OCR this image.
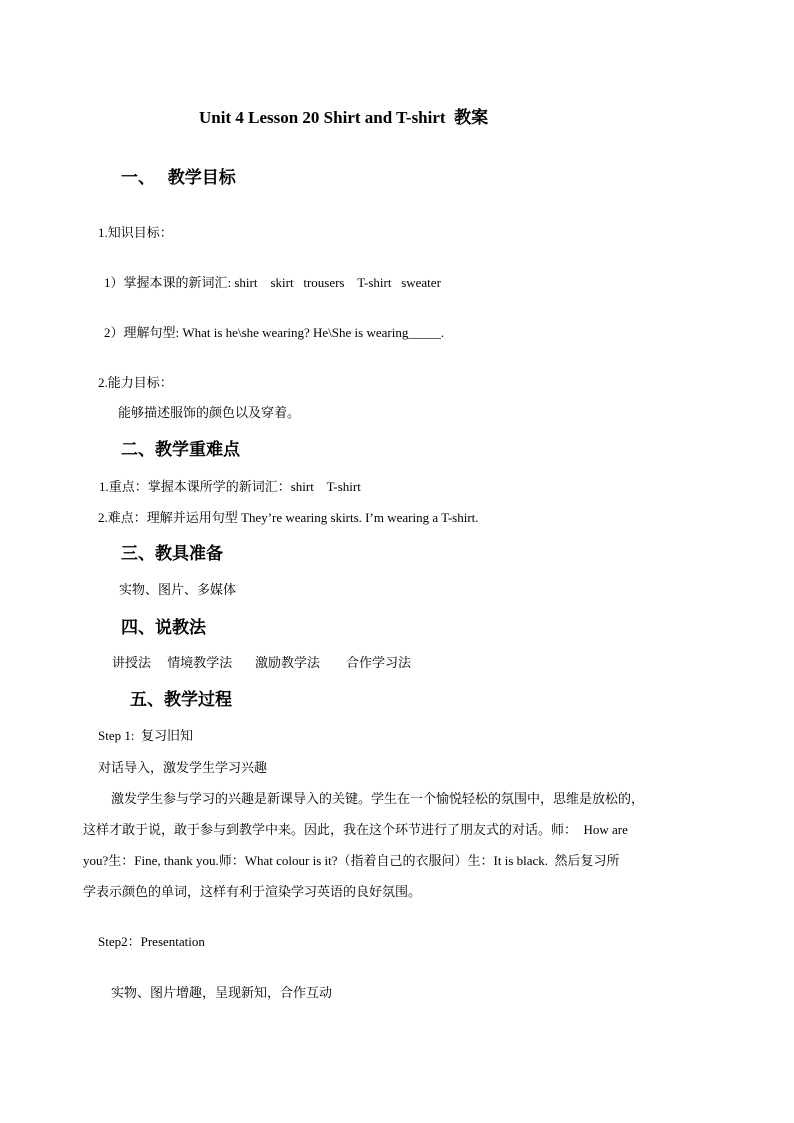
Unit 4 Lesson 20 Shirt and T-shirt  教案
一、   教学目标
1.知识目标：
1）掌握本课的新词汇: shirt    skirt   trousers    T-shirt   sweater
2）理解句型: What is he\she wearing? He\She is wearing_____.
2.能力目标：
能够描述服饰的颜色以及穿着。
二、教学重难点
1.重点：掌握本课所学的新词汇：shirt    T-shirt
2.难点：理解并运用句型 They’re wearing skirts. I’m wearing a T-shirt.
三、教具准备
实物、图片、多媒体
四、说教法
讲授法     情境教学法       激励教学法        合作学习法
五、教学过程
Step 1:  复习旧知
对话导入，激发学生学习兴趣
激发学生参与学习的兴趣是新课导入的关键。学生在一个愉悦轻松的氛围中，思维是放松的，
这样才敢于说，敢于参与到教学中来。因此，我在这个环节进行了朋友式的对话。师：  How are
you?生：Fine, thank you.师：What colour is it?（指着自己的衣服问）生：It is black.  然后复习所
学表示颜色的单词，这样有利于渲染学习英语的良好氛围。
Step2：Presentation
实物、图片增趣，呈现新知，合作互动
